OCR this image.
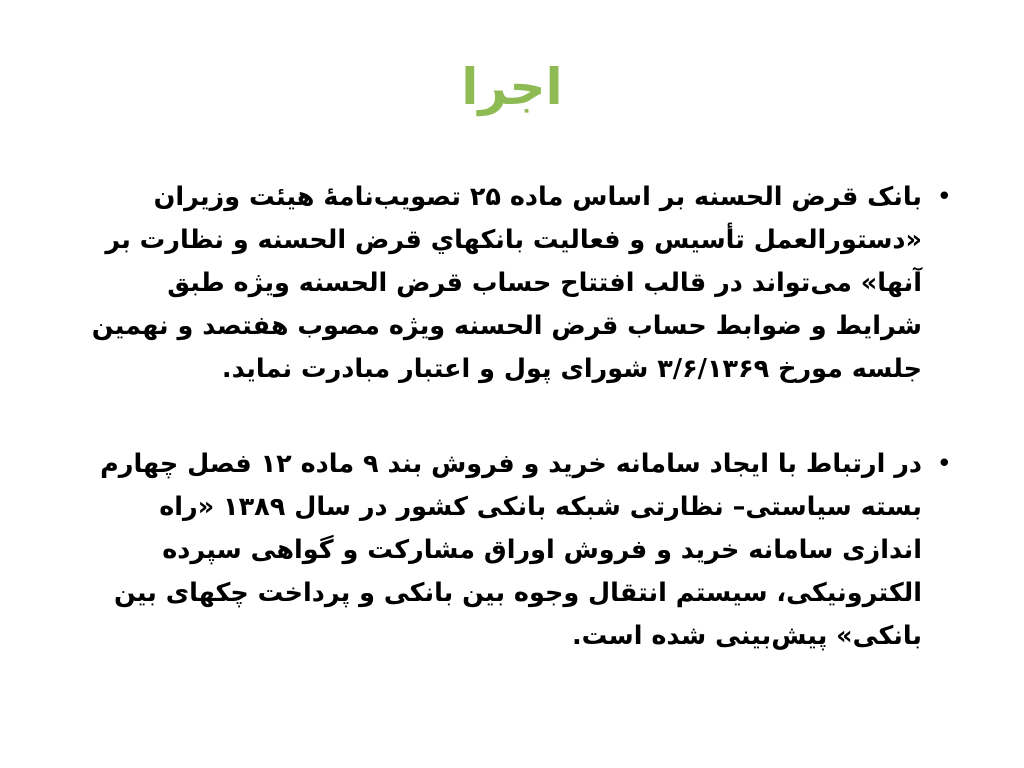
اجرا
•

بانک قرض الحسنه بر اساس ماده ۲۵ تصویب‌نامهٔ هیئت وزیران «دستورالعمل تأسیس و فعالیت بانکهاي قرض الحسنه و نظارت بر آنها» می‌تواند در قالب افتتاح حساب قرض الحسنه ویژه طبق شرایط و ضوابط حساب قرض الحسنه ویژه مصوب هفتصد و نهمین جلسه مورخ ۳/۶/۱۳۶۹ شورای پول و اعتبار مبادرت نماید.

•

در ارتباط با ایجاد سامانه خرید و فروش بند ۹ ماده ۱۲ فصل چهارم بسته سیاستی– نظارتی شبکه بانکی کشور در سال ۱۳۸۹ «راه اندازی سامانه خرید و فروش اوراق مشارکت و گواهی سپرده الکترونیکی، سیستم انتقال وجوه بین بانکی و پرداخت چکهای بین بانکی» پیش‌بینی شده است.
